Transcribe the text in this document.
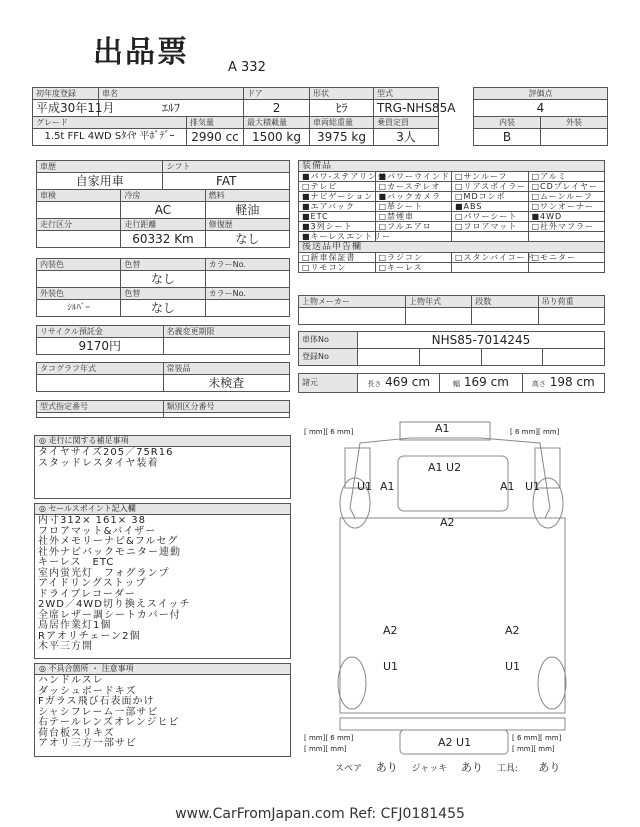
出品票	A 332
初年度登録	車名		ドア	形状	型式
平成30年11月	ｴﾙﾌ		2	ﾋﾗ	TRG-NHS85A
グレード		排気量	最大積載量	車両総重量	乗員定員
1.5t FFL 4WD Sﾀｲﾔ 平ﾎﾞﾃﾞｰ		2990 cc	1500 kg	3975 kg	3人
評価点	
4	
内装	外装
B	
車歴		シフト	
自家用車		FAT	
車検	冷房		燃料
	AC		軽油
走行区分	走行距離		修復歴
	60332 Km		なし
内装色	色替	カラーNo.
	なし	
外装色	色替	カラーNo.
ｼﾙﾊﾞｰ	なし	
リサイクル預託金	名義変更期限
9170円	
タコグラフ年式	常装品
	未検査
型式指定番号	類別区分番号

装備品			
■パワ-ステアリング	■パワーウインド	□サンルーフ	□アルミ
□テレビ	□カーステレオ	□リアスポイラー	□CDプレイヤー
■ナビゲーション	■バックカメラ	□MDコンポ	□ムーンルーフ
■エアバック	□革シート	■ABS	□ワンオーナー
■ETC	□禁煙車	□パワーシート	■4WD
■3列シート	□フルエアロ	□フロアマット	□社外マフラー
■キーレスエントリー			
後送品申告欄			
□新車保証書	□ラジコン	□スタンバイコード	□モニター
□リモコン	□キーレス		
上物メーカー	上物年式	段数	吊り荷重

車体No	NHS85-7014245			
登録No				
諸元	長さ 469 cm	幅 169 cm	高さ 198 cm
◎ 走行に関する補足事項
タイヤサイズ205／75R16
スタッドレスタイヤ装着
◎ セールスポイント記入欄
内寸312× 161× 38
フロアマット&バイザー
社外メモリーナビ&フルセグ
社外ナビバックモニター連動
キーレス　ETC
室内蛍光灯　フォグランプ
アイドリングストップ
ドライブレコーダー
2WD／4WD切り換えスイッチ
全席レザー調シートカバー付
鳥居作業灯1個
Rアオリチェーン2個
木平三方開
◎ 不具合箇所 ・ 注意事項
ハンドルスレ
ダッシュボードキズ
Fガラス飛び石表面かけ
シャシフレーム一部サビ
右テールレンズオレンジヒビ
荷台板スリキズ
アオリ三方一部サビ
A1
A1 U2
U1 A1	A1 U1
A2
A2	A2
U1	U1
A2 U1
[ mm][ 6 mm]	[ 6 mm][ mm]
[ mm][ 6 mm]
[ mm][ mm]
[ 6 mm][ mm]
[ mm][ mm]
スペア あり ジャッキ あり 工具: あり
www.CarFromJapan.com Ref: CFJ0181455
